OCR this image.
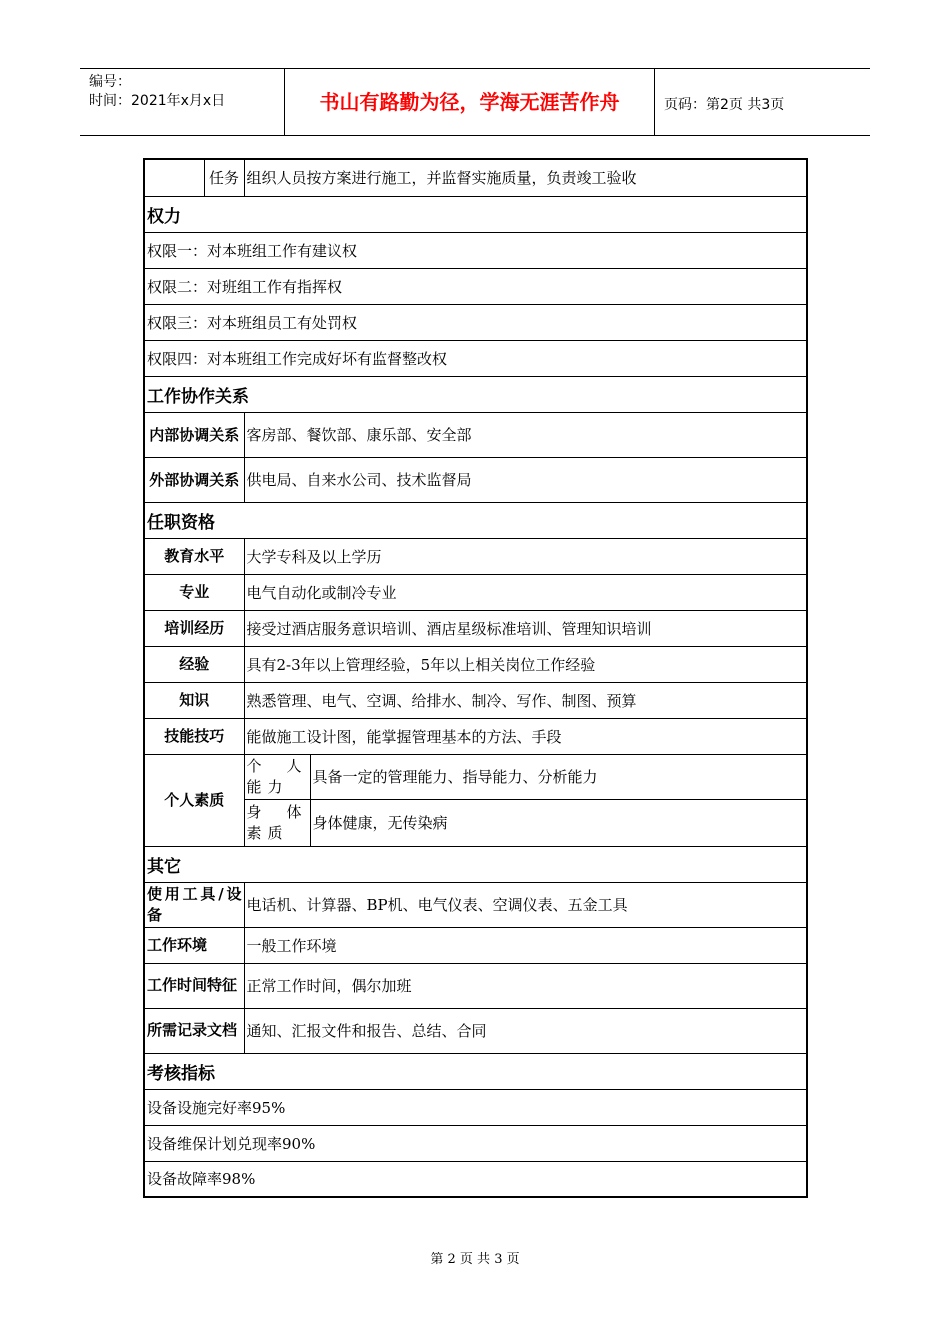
编号：
时间：2021年x月x日	书山有路勤为径，学海无涯苦作舟	页码：第2页 共3页
	任务	组织人员按方案进行施工，并监督实施质量，负责竣工验收	
权力			
权限一：对本班组工作有建议权			
权限二：对班组工作有指挥权			
权限三：对本班组员工有处罚权			
权限四：对本班组工作完成好坏有监督整改权			
工作协作关系			
内部协调关系		客房部、餐饮部、康乐部、安全部	
外部协调关系		供电局、自来水公司、技术监督局	
任职资格			
教育水平		大学专科及以上学历	
专业		电气自动化或制冷专业	
培训经历		接受过酒店服务意识培训、酒店星级标准培训、管理知识培训	
经验		具有2-3年以上管理经验，5年以上相关岗位工作经验	
知识		熟悉管理、电气、空调、给排水、制冷、写作、制图、预算	
技能技巧		能做施工设计图，能掌握管理基本的方法、手段	
个人素质		个人能力	具备一定的管理能力、指导能力、分析能力
		身体素质	身体健康，无传染病
其它			
使用工具/设备		电话机、计算器、BP机、电气仪表、空调仪表、五金工具	
工作环境		一般工作环境	
工作时间特征		正常工作时间，偶尔加班	
所需记录文档		通知、汇报文件和报告、总结、合同	
考核指标			
设备设施完好率95%			
设备维保计划兑现率90%			
设备故障率98%			
第 2 页 共 3 页
